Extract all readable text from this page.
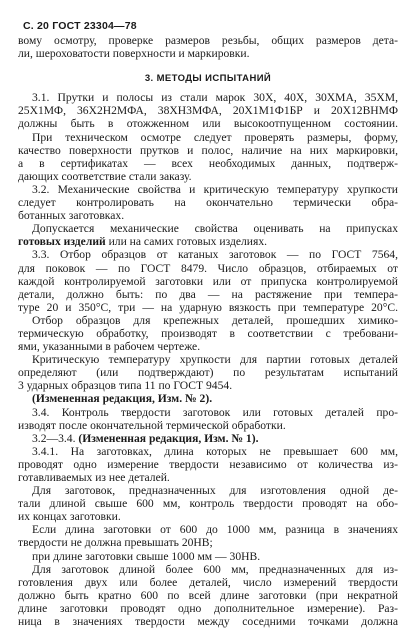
С. 20 ГОСТ 23304—78
вому осмотру, проверке размеров резьбы, общих размеров дета-
ли, шероховатости поверхности и маркировки.
3. МЕТОДЫ ИСПЫТАНИЙ
3.1. Прутки и полосы из стали марок 30Х, 40Х, 30ХМА, 35ХМ,
25Х1МФ, 36Х2Н2МФА, 38ХН3МФА, 20Х1М1Ф1БР и 20Х12ВНМФ
должны быть в отожженном или высокоотпущенном состоянии.
При техническом осмотре следует проверять размеры, форму,
качество поверхности прутков и полос, наличие на них маркировки,
а в сертификатах — всех необходимых данных, подтверж-
дающих соответствие стали заказу.
3.2. Механические свойства и критическую температуру хрупкости
следует контролировать на окончательно термически обра-
ботанных заготовках.
Допускается механические свойства оценивать на припусках
готовых изделий или на самих готовых изделиях.
3.3. Отбор образцов от катаных заготовок — по ГОСТ 7564,
для поковок — по ГОСТ 8479. Число образцов, отбираемых от
каждой контролируемой заготовки или от припуска контролируемой
детали, должно быть: по два — на растяжение при темпера-
туре 20 и 350°С, три — на ударную вязкость при температуре 20°С.
Отбор образцов для крепежных деталей, прошедших химико-
термическую обработку, производят в соответствии с требовани-
ями, указанными в рабочем чертеже.
Критическую температуру хрупкости для партии готовых деталей
определяют (или подтверждают) по результатам испытаний
3 ударных образцов типа 11 по ГОСТ 9454.
(Измененная редакция, Изм. № 2).
3.4. Контроль твердости заготовок или готовых деталей про-
изводят после окончательной термической обработки.
3.2—3.4. (Измененная редакция, Изм. № 1).
3.4.1. На заготовках, длина которых не превышает 600 мм,
проводят одно измерение твердости независимо от количества из-
готавливаемых из нее деталей.
Для заготовок, предназначенных для изготовления одной де-
тали длиной свыше 600 мм, контроль твердости проводят на обо-
их концах заготовки.
Если длина заготовки от 600 до 1000 мм, разница в значениях
твердости не должна превышать 20НВ;
при длине заготовки свыше 1000 мм — 30НВ.
Для заготовок длиной более 600 мм, предназначенных для из-
готовления двух или более деталей, число измерений твердости
должно быть кратно 600 по всей длине заготовки (при некратной
длине заготовки проводят одно дополнительное измерение). Раз-
ница в значениях твердости между соседними точками должна
